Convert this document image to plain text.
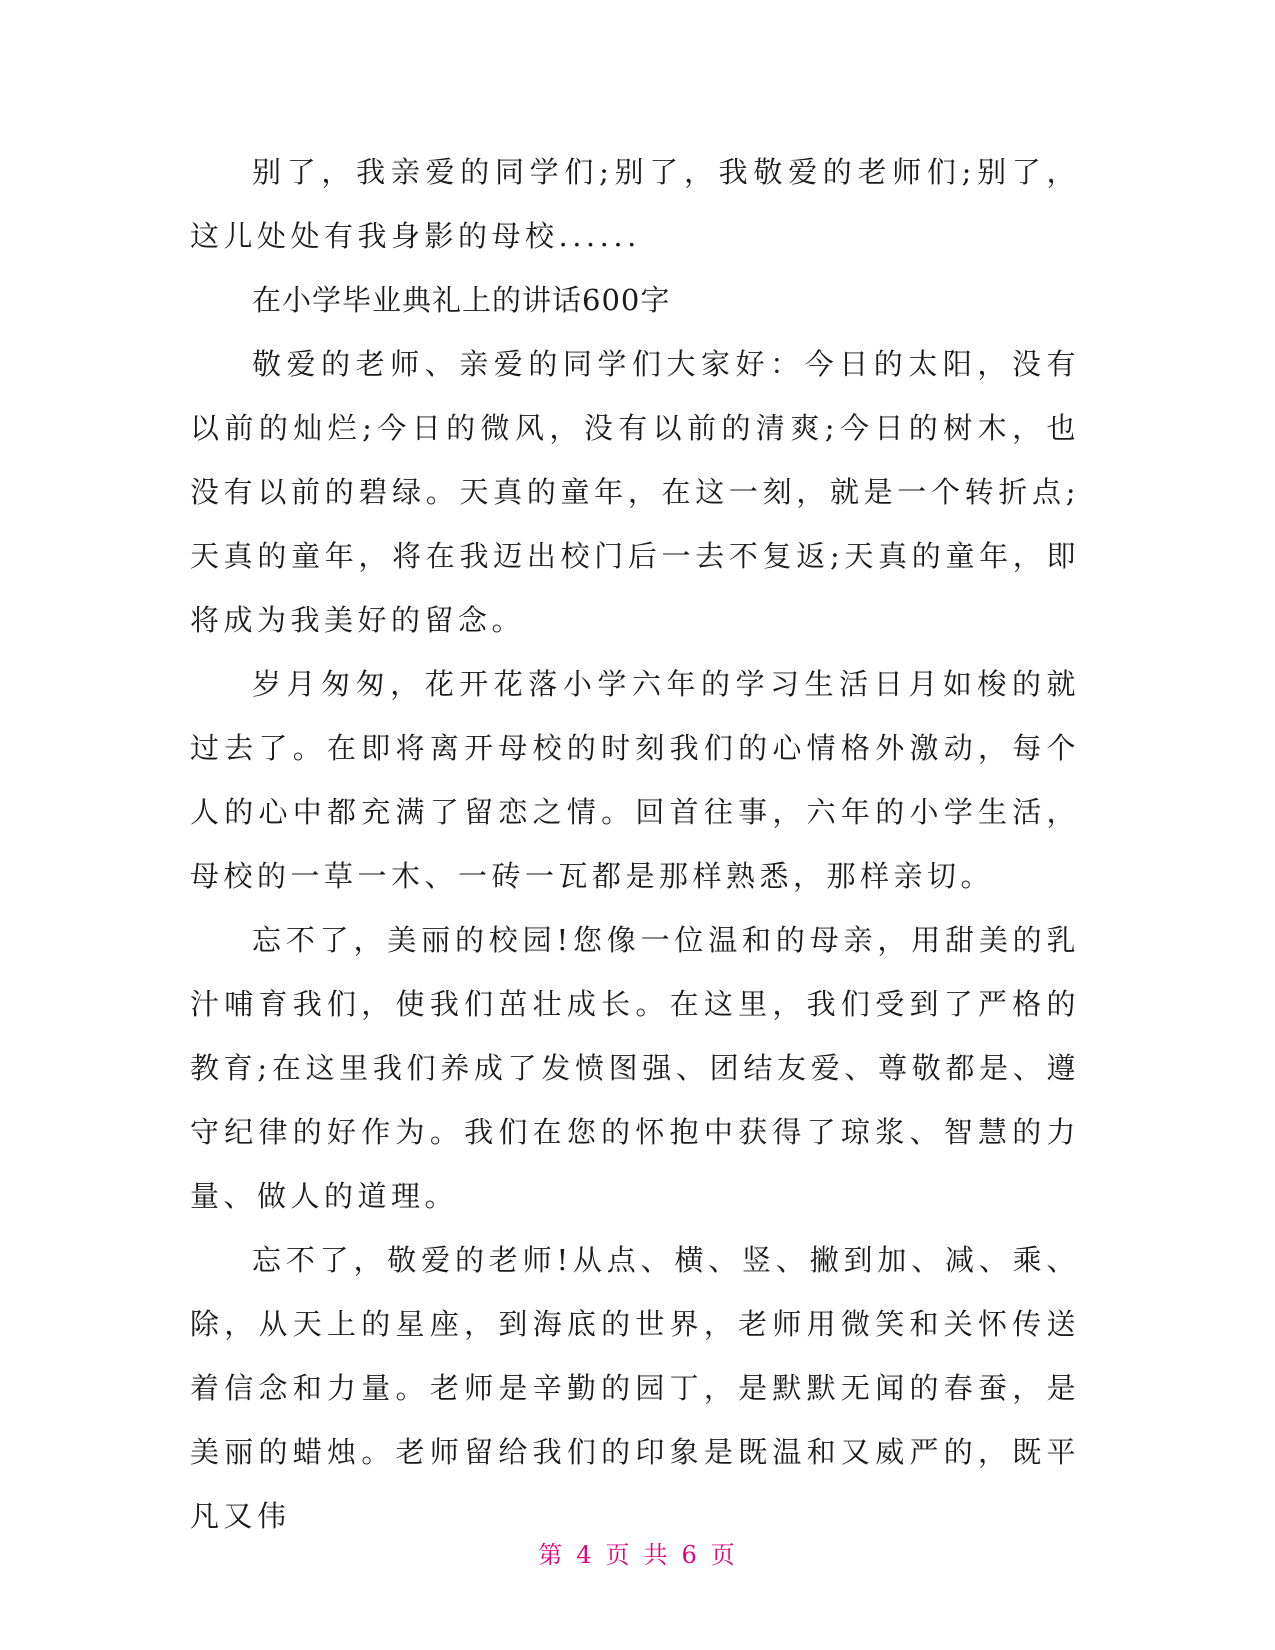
别了，我亲爱的同学们;别了，我敬爱的老师们;别了，这儿处处有我身影的母校......

在小学毕业典礼上的讲话600字

敬爱的老师、亲爱的同学们大家好：今日的太阳，没有以前的灿烂;今日的微风，没有以前的清爽;今日的树木，也没有以前的碧绿。天真的童年，在这一刻，就是一个转折点;天真的童年，将在我迈出校门后一去不复返;天真的童年，即将成为我美好的留念。

岁月匆匆，花开花落小学六年的学习生活日月如梭的就过去了。在即将离开母校的时刻我们的心情格外激动，每个人的心中都充满了留恋之情。回首往事，六年的小学生活，母校的一草一木、一砖一瓦都是那样熟悉，那样亲切。

忘不了，美丽的校园!您像一位温和的母亲，用甜美的乳汁哺育我们，使我们茁壮成长。在这里，我们受到了严格的教育;在这里我们养成了发愤图强、团结友爱、尊敬都是、遵守纪律的好作为。我们在您的怀抱中获得了琼浆、智慧的力量、做人的道理。

忘不了，敬爱的老师!从点、横、竖、撇到加、减、乘、除，从天上的星座，到海底的世界，老师用微笑和关怀传送着信念和力量。老师是辛勤的园丁，是默默无闻的春蚕，是美丽的蜡烛。老师留给我们的印象是既温和又威严的，既平凡又伟

第 4 页 共 6 页
